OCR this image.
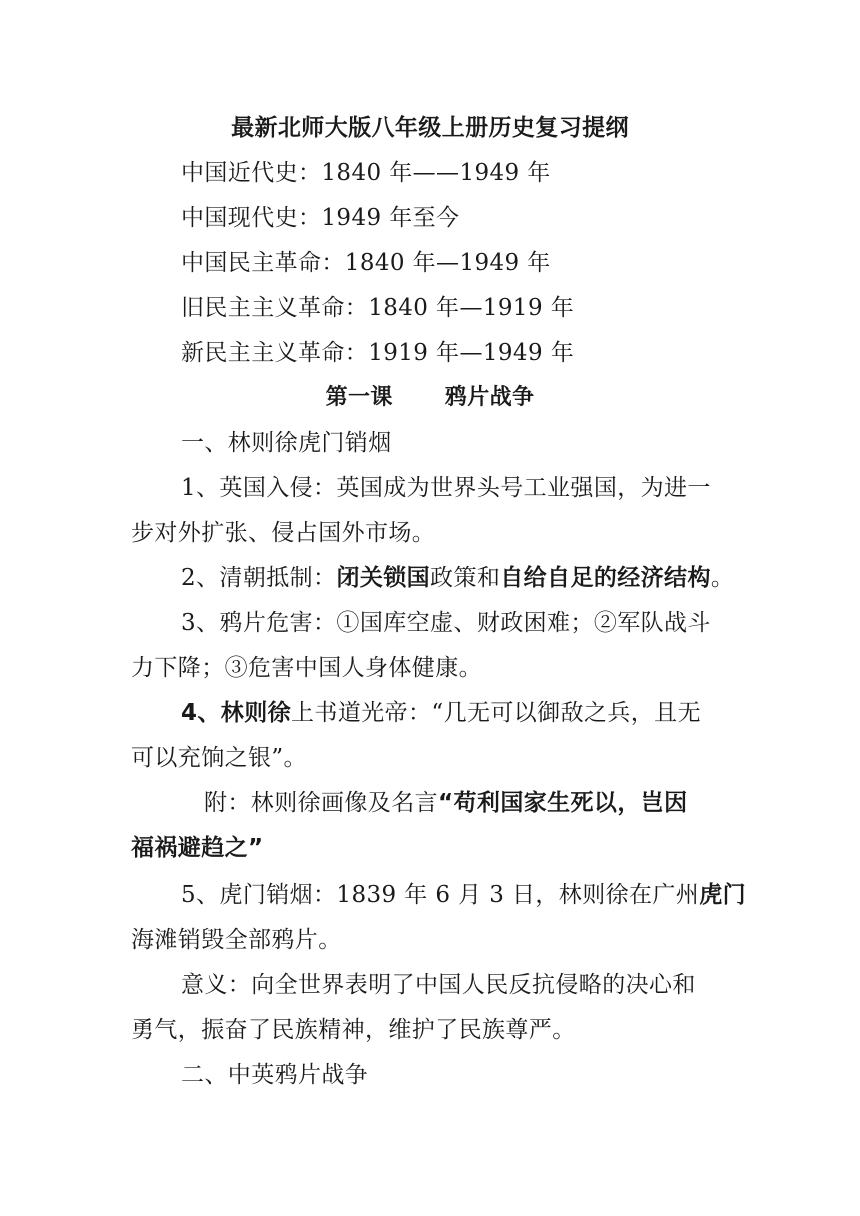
最新北师大版八年级上册历史复习提纲
中国近代史：1840 年——1949 年
中国现代史：1949 年至今
中国民主革命：1840 年—1949 年
旧民主主义革命：1840 年—1919 年
新民主主义革命：1919 年—1949 年
第一课 鸦片战争
一、林则徐虎门销烟
1、英国入侵：英国成为世界头号工业强国，为进一
步对外扩张、侵占国外市场。
2、清朝抵制：闭关锁国政策和自给自足的经济结构。
3、鸦片危害：①国库空虚、财政困难；②军队战斗
力下降；③危害中国人身体健康。
4、林则徐上书道光帝：“几无可以御敌之兵，且无
可以充饷之银”。
附：林则徐画像及名言“苟利国家生死以，岂因
福祸避趋之”
5、虎门销烟：1839 年 6 月 3 日，林则徐在广州虎门
海滩销毁全部鸦片。
意义：向全世界表明了中国人民反抗侵略的决心和
勇气，振奋了民族精神，维护了民族尊严。
二、中英鸦片战争
